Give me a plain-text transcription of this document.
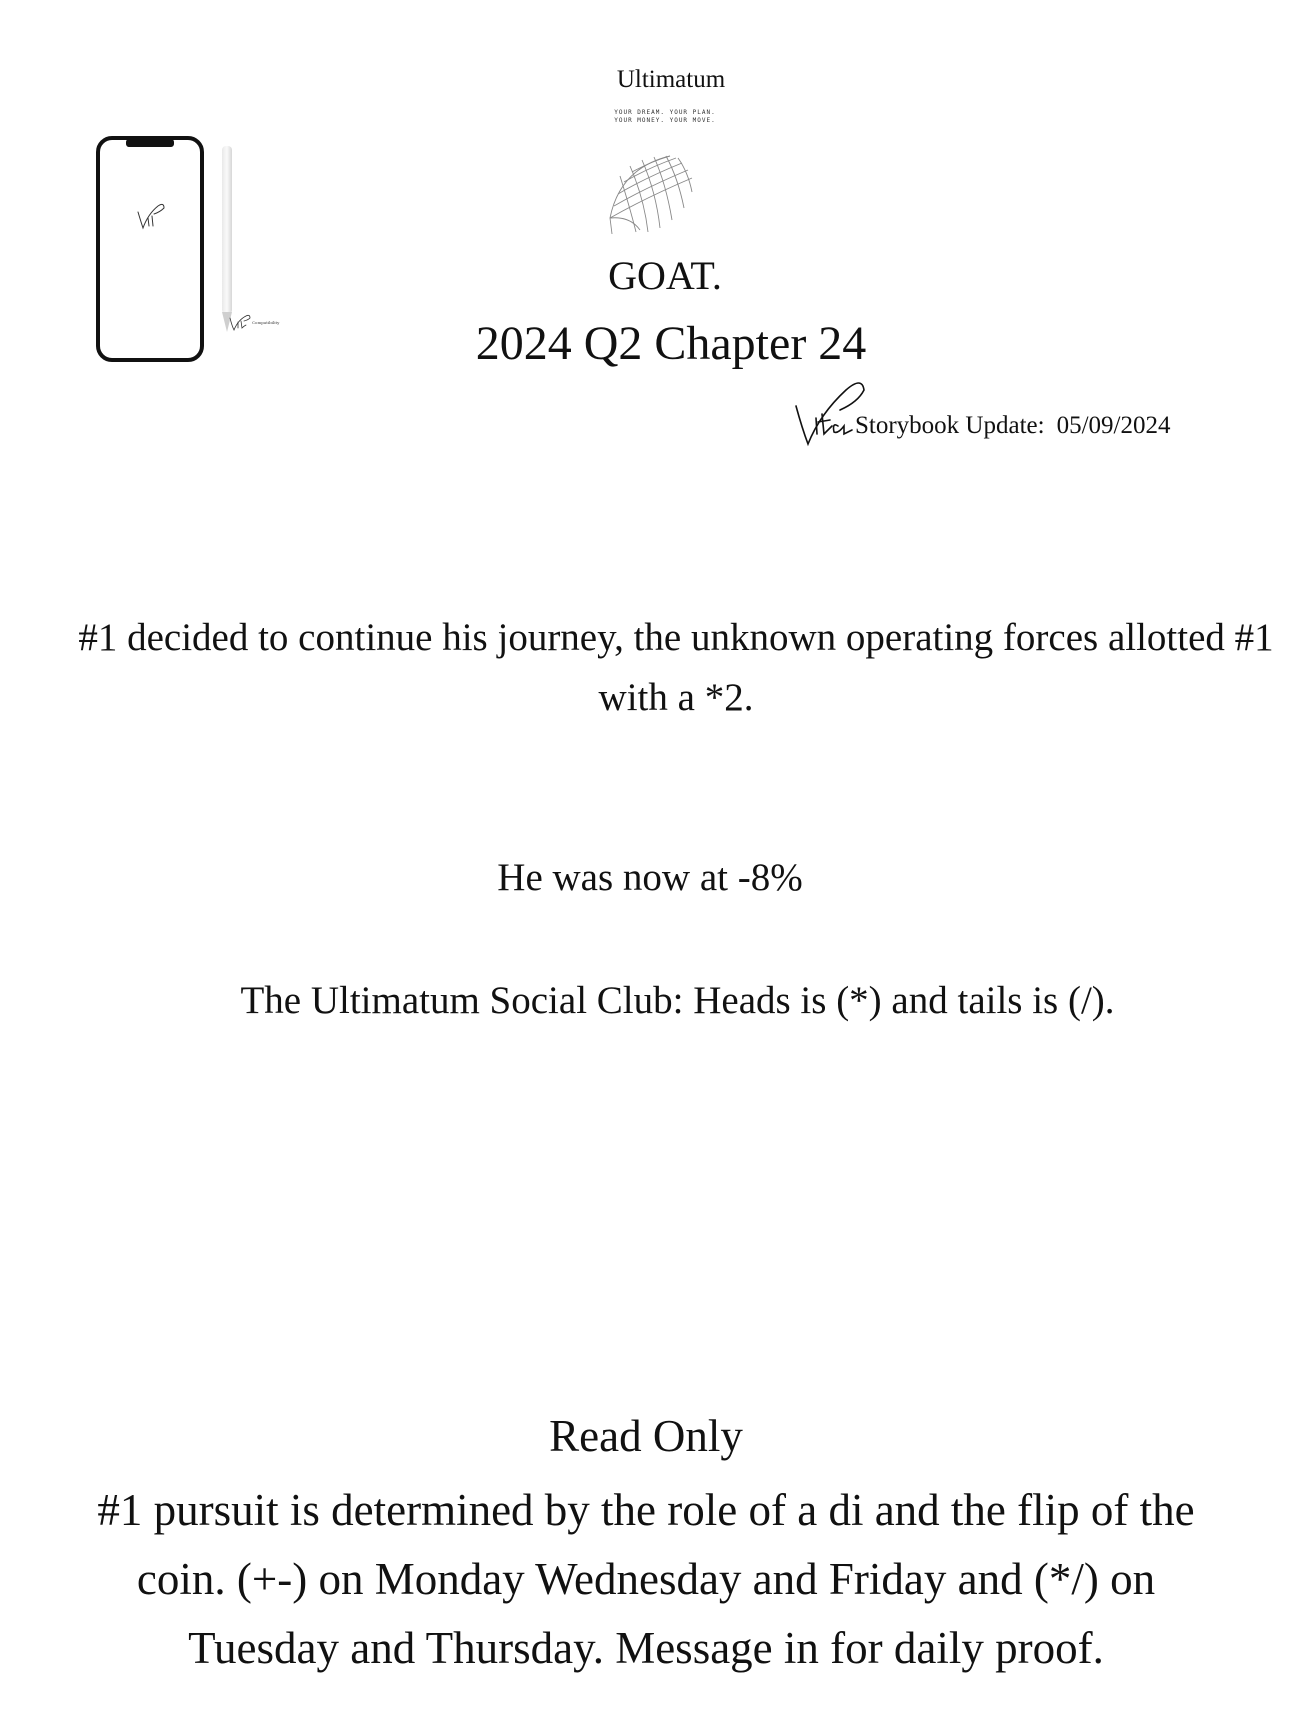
Ultimatum
YOUR DREAM. YOUR PLAN.
YOUR MONEY. YOUR MOVE.
GOAT.
2024 Q2 Chapter 24
Storybook Update: 05/09/2024
Compatibility
#1 decided to continue his journey, the unknown operating forces allotted #1 with a *2.
He was now at -8%
The Ultimatum Social Club: Heads is (*) and tails is (/).
Read Only
#1 pursuit is determined by the role of a di and the flip of the coin. (+-) on Monday Wednesday and Friday and (*/) on Tuesday and Thursday. Message in for daily proof.
